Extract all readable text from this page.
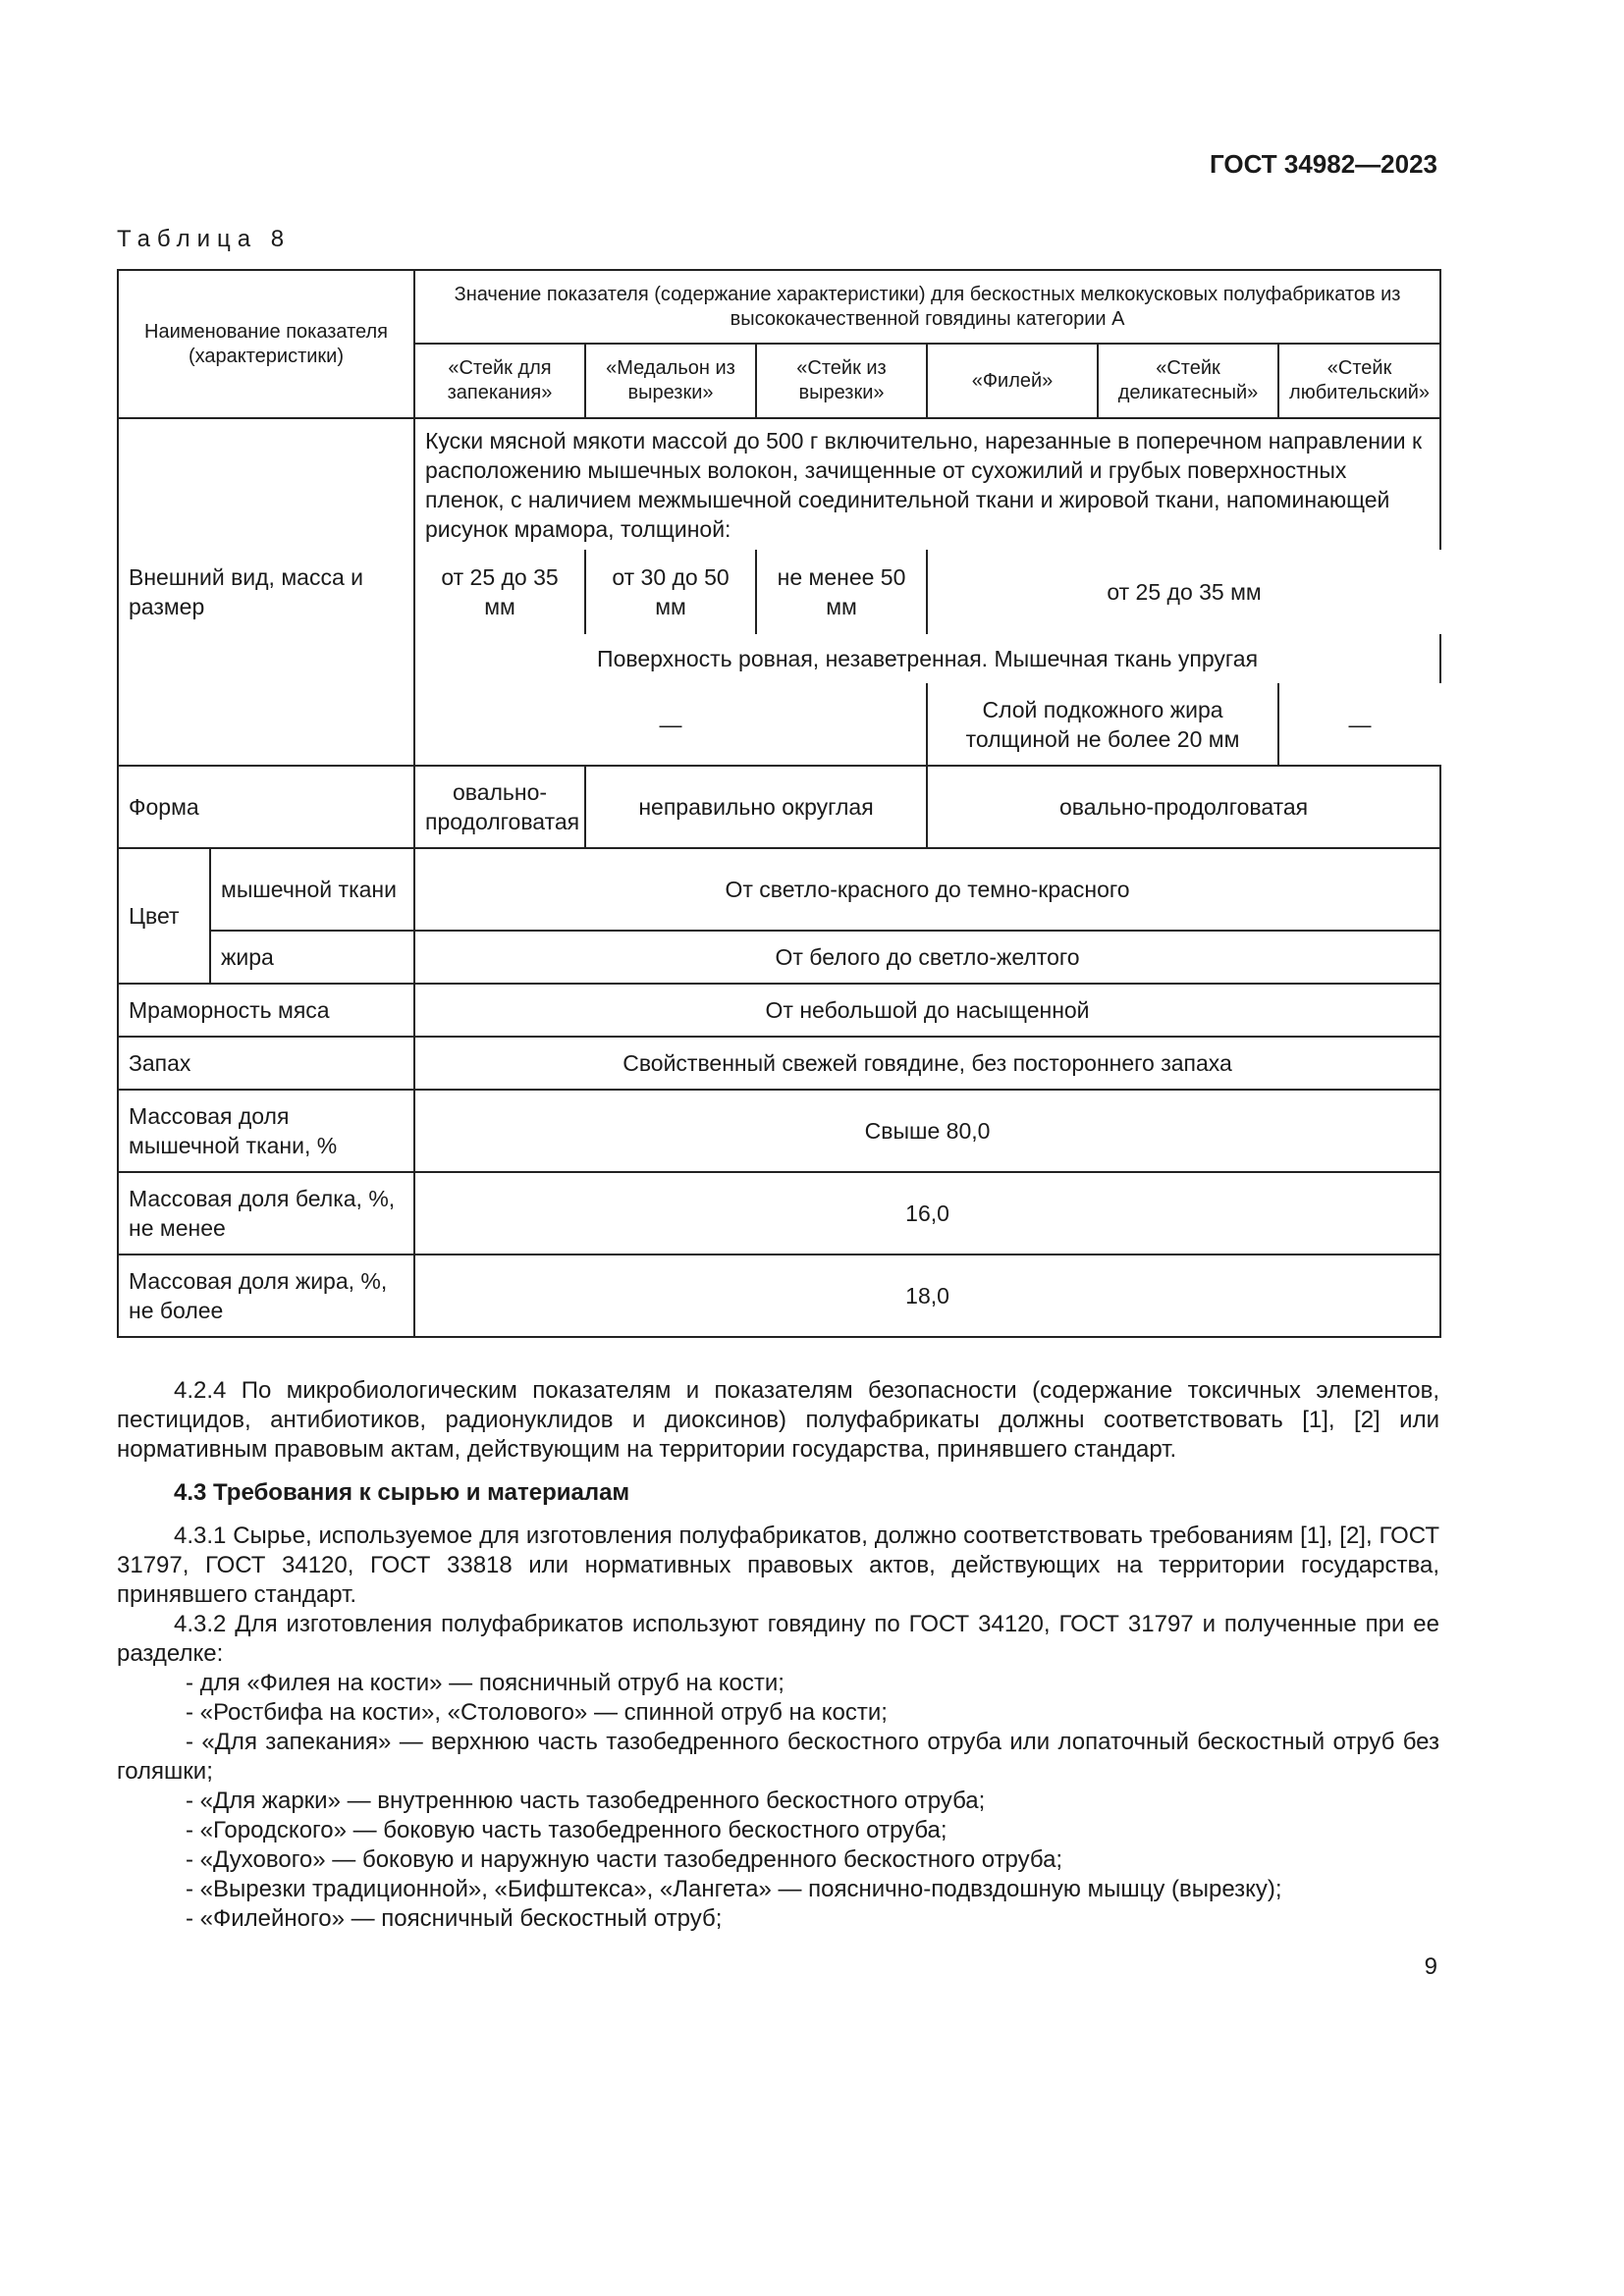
ГОСТ 34982—2023
Таблица 8
Наименование показателя (характеристики)		Значение показателя (содержание характеристики) для бескостных мелкокусковых полуфабрикатов из высококачественной говядины категории А					
		«Стейк для запекания»	«Медальон из вырезки»	«Стейк из вырезки»	«Филей»	«Стейк деликатесный»	«Стейк любительский»
Внешний вид, масса и размер		Куски мясной мякоти массой до 500 г включительно, нарезанные в поперечном направлении к расположению мышечных волокон, зачищенные от сухожилий и грубых поверхностных пленок, с наличием межмышечной соединительной ткани и жировой ткани, напоминающей рисунок мрамора, толщиной:					
		от 25 до 35 мм	от 30 до 50 мм	не менее 50 мм	от 25 до 35 мм		
		Поверхность ровная, незаветренная. Мышечная ткань упругая					
		—			Слой подкожного жира толщиной не более 20 мм		—
Форма		овально-продолговатая	неправильно округлая		овально-продолговатая		
Цвет	мышечной ткани	От светло-красного до темно-красного					
	жира	От белого до светло-желтого					
Мраморность мяса		От небольшой до насыщенной					
Запах		Свойственный свежей говядине, без постороннего запаха					
Массовая доля мышечной ткани, %		Свыше 80,0					
Массовая доля белка, %, не менее		16,0					
Массовая доля жира, %, не более		18,0					

4.2.4 По микробиологическим показателям и показателям безопасности (содержание токсичных элементов, пестицидов, антибиотиков, радионуклидов и диоксинов) полуфабрикаты должны соответствовать [1], [2] или нормативным правовым актам, действующим на территории государства, принявшего стандарт.

4.3 Требования к сырью и материалам

4.3.1 Сырье, используемое для изготовления полуфабрикатов, должно соответствовать требованиям [1], [2], ГОСТ 31797, ГОСТ 34120, ГОСТ 33818 или нормативных правовых актов, действующих на территории государства, принявшего стандарт.

4.3.2 Для изготовления полуфабрикатов используют говядину по ГОСТ 34120, ГОСТ 31797 и полученные при ее разделке:

- для «Филея на кости» — поясничный отруб на кости;

- «Ростбифа на кости», «Столового» — спинной отруб на кости;

- «Для запекания» — верхнюю часть тазобедренного бескостного отруба или лопаточный бескостный отруб без голяшки;

- «Для жарки» — внутреннюю часть тазобедренного бескостного отруба;

- «Городского» — боковую часть тазобедренного бескостного отруба;

- «Духового» — боковую и наружную части тазобедренного бескостного отруба;

- «Вырезки традиционной», «Бифштекса», «Лангета» — пояснично-подвздошную мышцу (вырезку);

- «Филейного» — поясничный бескостный отруб;

9
